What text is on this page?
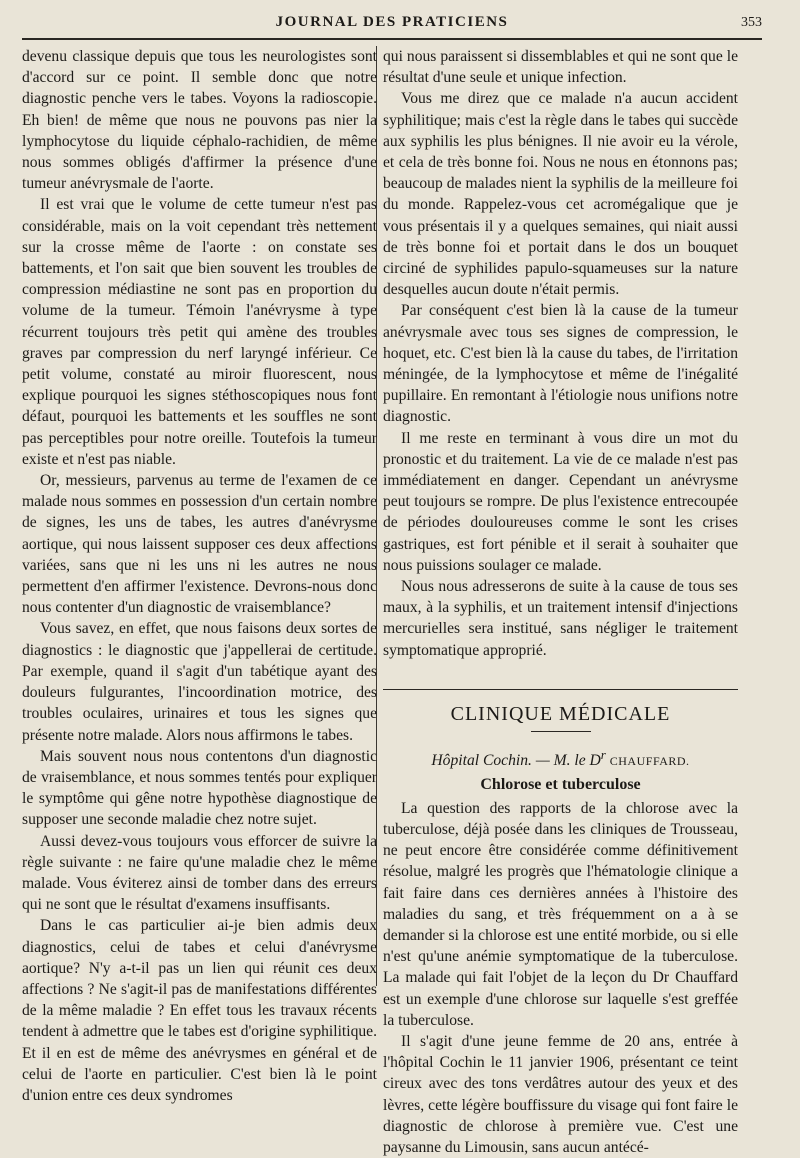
JOURNAL DES PRATICIENS	353

devenu classique depuis que tous les neurologistes sont d'accord sur ce point. Il semble donc que notre diagnostic penche vers le tabes. Voyons la radioscopie. Eh bien! de même que nous ne pouvons pas nier la lymphocytose du liquide céphalo-rachidien, de même nous sommes obligés d'affirmer la présence d'une tumeur anévrysmale de l'aorte.

Il est vrai que le volume de cette tumeur n'est pas considérable, mais on la voit cependant très nettement sur la crosse même de l'aorte : on constate ses battements, et l'on sait que bien souvent les troubles de compression médiastine ne sont pas en proportion du volume de la tumeur. Témoin l'anévrysme à type récurrent toujours très petit qui amène des troubles graves par compression du nerf laryngé inférieur. Ce petit volume, constaté au miroir fluorescent, nous explique pourquoi les signes stéthoscopiques nous font défaut, pourquoi les battements et les souffles ne sont pas perceptibles pour notre oreille. Toutefois la tumeur existe et n'est pas niable.

Or, messieurs, parvenus au terme de l'examen de ce malade nous sommes en possession d'un certain nombre de signes, les uns de tabes, les autres d'anévrysme aortique, qui nous laissent supposer ces deux affections variées, sans que ni les uns ni les autres ne nous permettent d'en affirmer l'existence. Devrons-nous donc nous contenter d'un diagnostic de vraisemblance?

Vous savez, en effet, que nous faisons deux sortes de diagnostics : le diagnostic que j'appellerai de certitude. Par exemple, quand il s'agit d'un tabétique ayant des douleurs fulgurantes, l'incoordination motrice, des troubles oculaires, urinaires et tous les signes que présente notre malade. Alors nous affirmons le tabes.

Mais souvent nous nous contentons d'un diagnostic de vraisemblance, et nous sommes tentés pour expliquer le symptôme qui gêne notre hypothèse diagnostique de supposer une seconde maladie chez notre sujet.

Aussi devez-vous toujours vous efforcer de suivre la règle suivante : ne faire qu'une maladie chez le même malade. Vous éviterez ainsi de tomber dans des erreurs qui ne sont que le résultat d'examens insuffisants.

Dans le cas particulier ai-je bien admis deux diagnostics, celui de tabes et celui d'anévrysme aortique? N'y a-t-il pas un lien qui réunit ces deux affections ? Ne s'agit-il pas de manifestations différentes de la même maladie ? En effet tous les travaux récents tendent à admettre que le tabes est d'origine syphilitique. Et il en est de même des anévrysmes en général et de celui de l'aorte en particulier. C'est bien là le point d'union entre ces deux syndromes

qui nous paraissent si dissemblables et qui ne sont que le résultat d'une seule et unique infection.

Vous me direz que ce malade n'a aucun accident syphilitique; mais c'est la règle dans le tabes qui succède aux syphilis les plus bénignes. Il nie avoir eu la vérole, et cela de très bonne foi. Nous ne nous en étonnons pas; beaucoup de malades nient la syphilis de la meilleure foi du monde. Rappelez-vous cet acromégalique que je vous présentais il y a quelques semaines, qui niait aussi de très bonne foi et portait dans le dos un bouquet circiné de syphilides papulo-squameuses sur la nature desquelles aucun doute n'était permis.

Par conséquent c'est bien là la cause de la tumeur anévrysmale avec tous ses signes de compression, le hoquet, etc. C'est bien là la cause du tabes, de l'irritation méningée, de la lymphocytose et même de l'inégalité pupillaire. En remontant à l'étiologie nous unifions notre diagnostic.

Il me reste en terminant à vous dire un mot du pronostic et du traitement. La vie de ce malade n'est pas immédiatement en danger. Cependant un anévrysme peut toujours se rompre. De plus l'existence entrecoupée de périodes douloureuses comme le sont les crises gastriques, est fort pénible et il serait à souhaiter que nous puissions soulager ce malade.

Nous nous adresserons de suite à la cause de tous ses maux, à la syphilis, et un traitement intensif d'injections mercurielles sera institué, sans négliger le traitement symptomatique approprié.

CLINIQUE MÉDICALE

Hôpital Cochin. — M. le $D^r$ CHAUFFARD.

Chlorose et tuberculose

La question des rapports de la chlorose avec la tuberculose, déjà posée dans les cliniques de Trousseau, ne peut encore être considérée comme définitivement résolue, malgré les progrès que l'hématologie clinique a fait faire dans ces dernières années à l'histoire des maladies du sang, et très fréquemment on a à se demander si la chlorose est une entité morbide, ou si elle n'est qu'une anémie symptomatique de la tuberculose. La malade qui fait l'objet de la leçon du Dr Chauffard est un exemple d'une chlorose sur laquelle s'est greffée la tuberculose.

Il s'agit d'une jeune femme de 20 ans, entrée à l'hôpital Cochin le 11 janvier 1906, présentant ce teint cireux avec des tons verdâtres autour des yeux et des lèvres, cette légère bouffissure du visage qui font faire le diagnostic de chlorose à première vue. C'est une paysanne du Limousin, sans aucun antécé-
